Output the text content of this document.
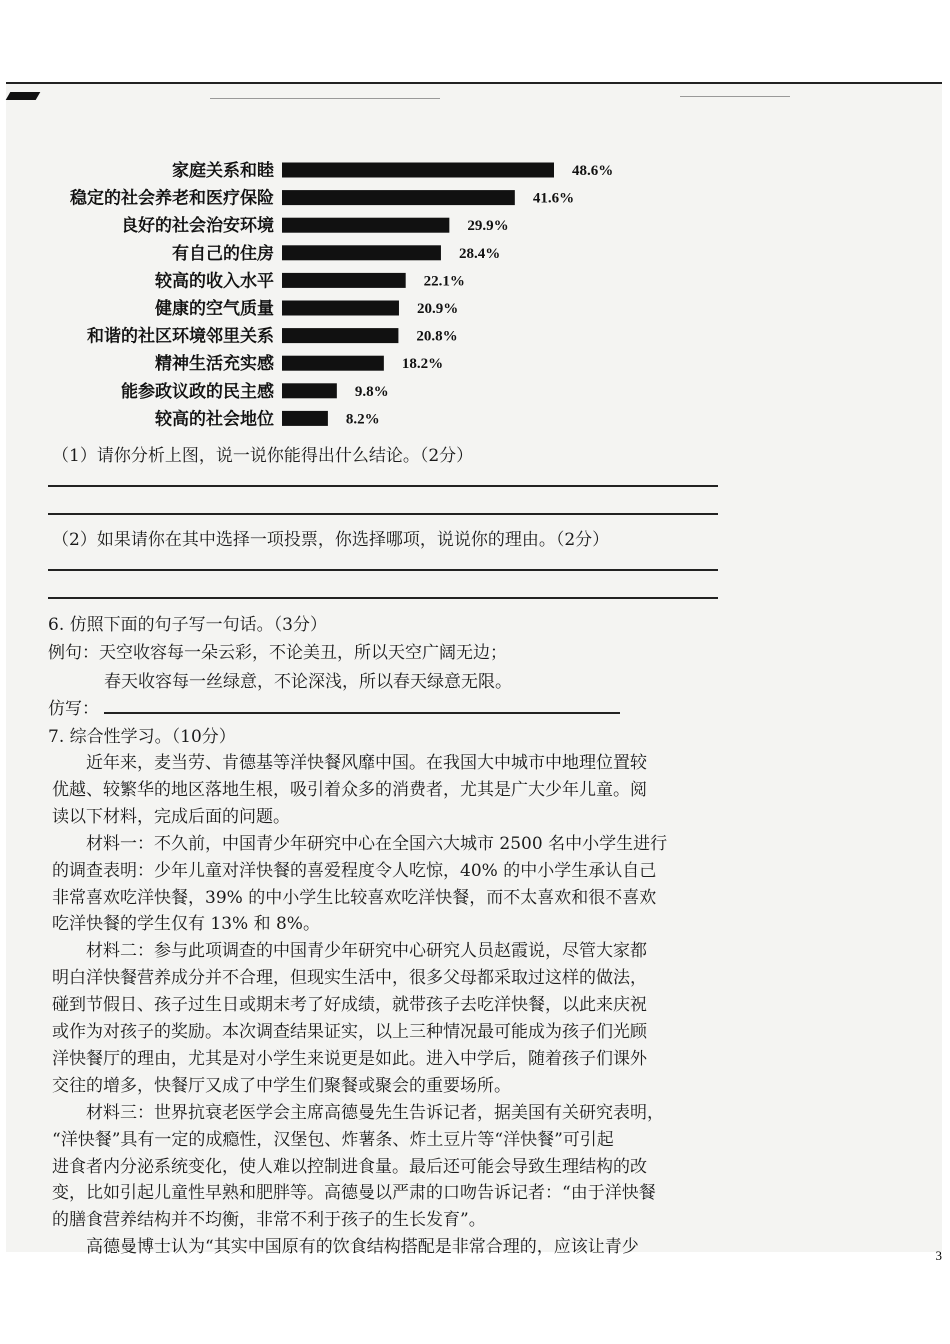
家庭关系和睦	48.6%
稳定的社会养老和医疗保险	41.6%
良好的社会治安环境	29.9%
有自己的住房	28.4%
较高的收入水平	22.1%
健康的空气质量	20.9%
和谐的社区环境邻里关系	20.8%
精神生活充实感	18.2%
能参政议政的民主感	9.8%
较高的社会地位	8.2%
（1）请你分析上图，说一说你能得出什么结论。（2分）
（2）如果请你在其中选择一项投票，你选择哪项，说说你的理由。（2分）
6. 仿照下面的句子写一句话。（3分）
例句：天空收容每一朵云彩，不论美丑，所以天空广阔无边；
春天收容每一丝绿意，不论深浅，所以春天绿意无限。
仿写：
7. 综合性学习。（10分）
近年来，麦当劳、肯德基等洋快餐风靡中国。在我国大中城市中地理位置较
优越、较繁华的地区落地生根，吸引着众多的消费者，尤其是广大少年儿童。阅
读以下材料，完成后面的问题。
材料一：不久前，中国青少年研究中心在全国六大城市 2500 名中小学生进行
的调查表明：少年儿童对洋快餐的喜爱程度令人吃惊，40% 的中小学生承认自己
非常喜欢吃洋快餐，39% 的中小学生比较喜欢吃洋快餐，而不太喜欢和很不喜欢
吃洋快餐的学生仅有 13% 和 8%。
材料二：参与此项调查的中国青少年研究中心研究人员赵霞说，尽管大家都
明白洋快餐营养成分并不合理，但现实生活中，很多父母都采取过这样的做法，
碰到节假日、孩子过生日或期末考了好成绩，就带孩子去吃洋快餐，以此来庆祝
或作为对孩子的奖励。本次调查结果证实，以上三种情况最可能成为孩子们光顾
洋快餐厅的理由，尤其是对小学生来说更是如此。进入中学后，随着孩子们课外
交往的增多，快餐厅又成了中学生们聚餐或聚会的重要场所。
材料三：世界抗衰老医学会主席高德曼先生告诉记者，据美国有关研究表明，
“洋快餐”具有一定的成瘾性，汉堡包、炸薯条、炸土豆片等“洋快餐”可引起
进食者内分泌系统变化，使人难以控制进食量。最后还可能会导致生理结构的改
变，比如引起儿童性早熟和肥胖等。高德曼以严肃的口吻告诉记者：“由于洋快餐
的膳食营养结构并不均衡，非常不利于孩子的生长发育”。
高德曼博士认为“其实中国原有的饮食结构搭配是非常合理的，应该让青少	3
